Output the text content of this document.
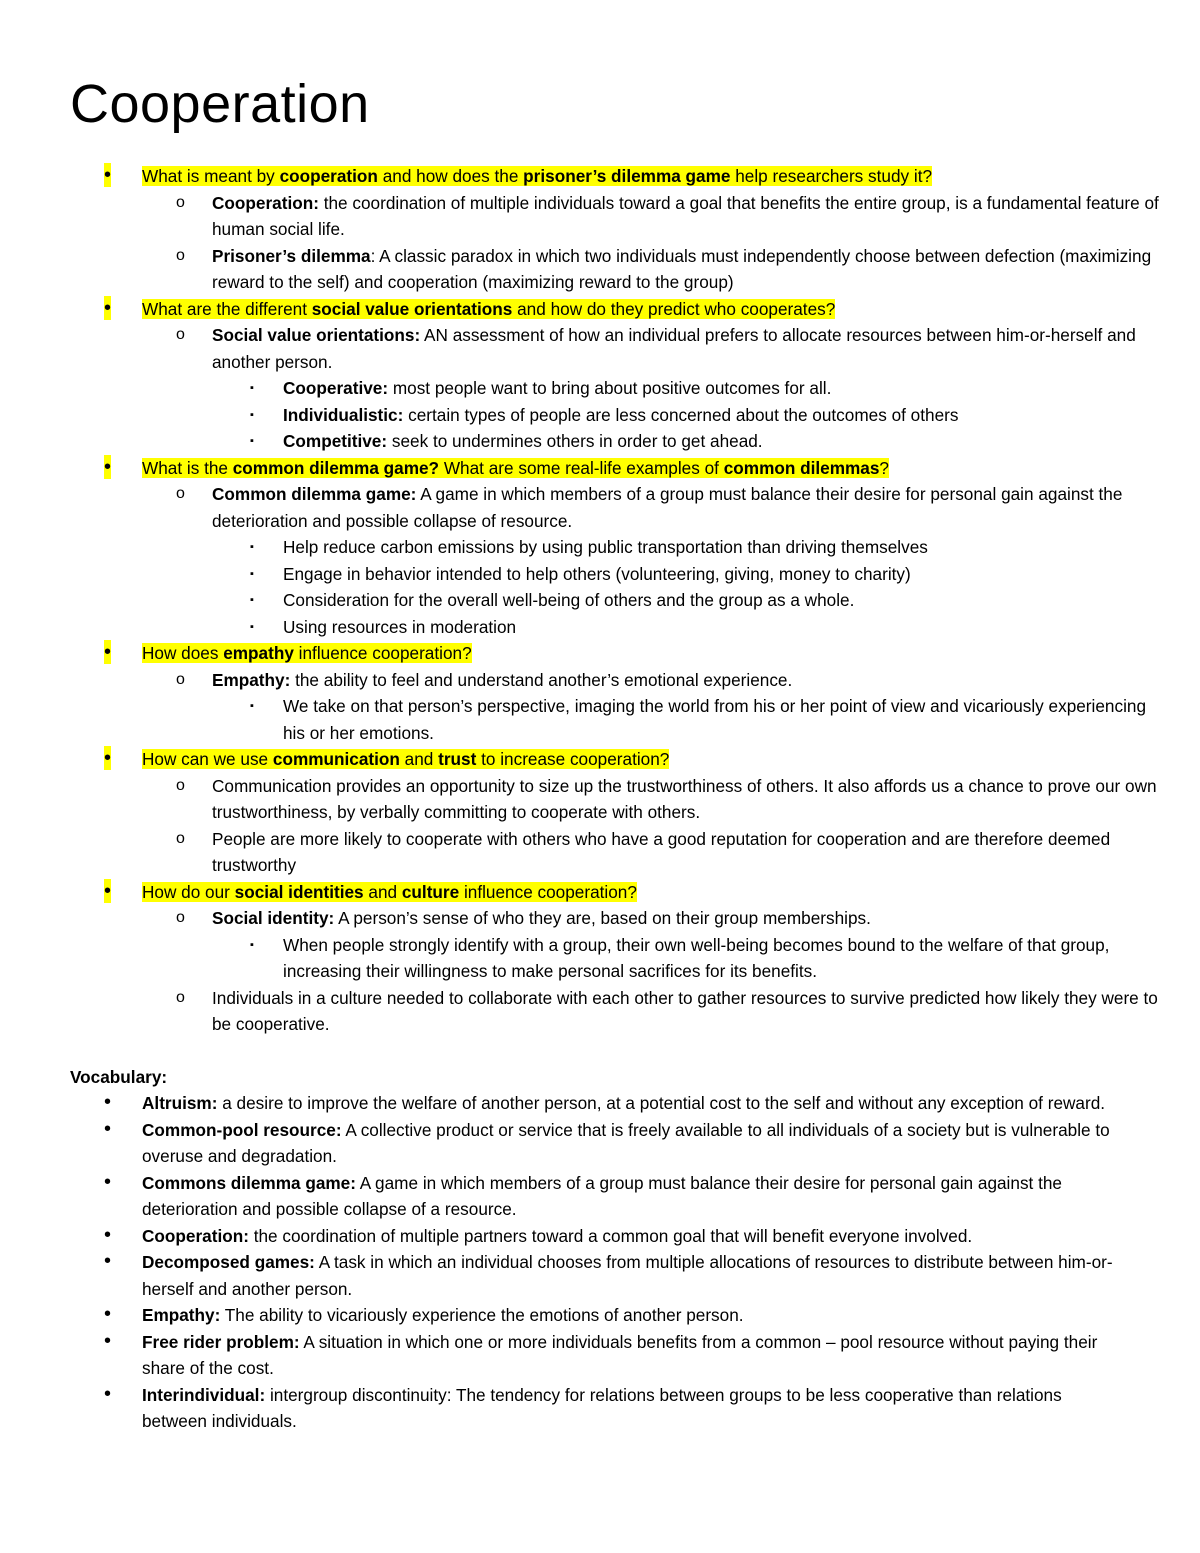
Cooperation
• What is meant by cooperation and how does the prisoner’s dilemma game help researchers study it?
o Cooperation: the coordination of multiple individuals toward a goal that benefits the entire group, is a fundamental feature of human social life.
o Prisoner’s dilemma: A classic paradox in which two individuals must independently choose between defection (maximizing reward to the self) and cooperation (maximizing reward to the group)
• What are the different social value orientations and how do they predict who cooperates?
o Social value orientations: AN assessment of how an individual prefers to allocate resources between him-or-herself and another person.
▪ Cooperative: most people want to bring about positive outcomes for all.
▪ Individualistic: certain types of people are less concerned about the outcomes of others
▪ Competitive: seek to undermines others in order to get ahead.
• What is the common dilemma game? What are some real-life examples of common dilemmas?
o Common dilemma game: A game in which members of a group must balance their desire for personal gain against the deterioration and possible collapse of resource.
▪ Help reduce carbon emissions by using public transportation than driving themselves
▪ Engage in behavior intended to help others (volunteering, giving, money to charity)
▪ Consideration for the overall well-being of others and the group as a whole.
▪ Using resources in moderation
• How does empathy influence cooperation?
o Empathy: the ability to feel and understand another’s emotional experience.
▪ We take on that person’s perspective, imaging the world from his or her point of view and vicariously experiencing his or her emotions.
• How can we use communication and trust to increase cooperation?
o Communication provides an opportunity to size up the trustworthiness of others. It also affords us a chance to prove our own trustworthiness, by verbally committing to cooperate with others.
o People are more likely to cooperate with others who have a good reputation for cooperation and are therefore deemed trustworthy
• How do our social identities and culture influence cooperation?
o Social identity: A person’s sense of who they are, based on their group memberships.
▪ When people strongly identify with a group, their own well-being becomes bound to the welfare of that group, increasing their willingness to make personal sacrifices for its benefits.
o Individuals in a culture needed to collaborate with each other to gather resources to survive predicted how likely they were to be cooperative.
Vocabulary:
• Altruism: a desire to improve the welfare of another person, at a potential cost to the self and without any exception of reward.
• Common-pool resource: A collective product or service that is freely available to all individuals of a society but is vulnerable to overuse and degradation.
• Commons dilemma game: A game in which members of a group must balance their desire for personal gain against the deterioration and possible collapse of a resource.
• Cooperation: the coordination of multiple partners toward a common goal that will benefit everyone involved.
• Decomposed games: A task in which an individual chooses from multiple allocations of resources to distribute between him-or-herself and another person.
• Empathy: The ability to vicariously experience the emotions of another person.
• Free rider problem: A situation in which one or more individuals benefits from a common – pool resource without paying their share of the cost.
• Interindividual: intergroup discontinuity: The tendency for relations between groups to be less cooperative than relations between individuals.
